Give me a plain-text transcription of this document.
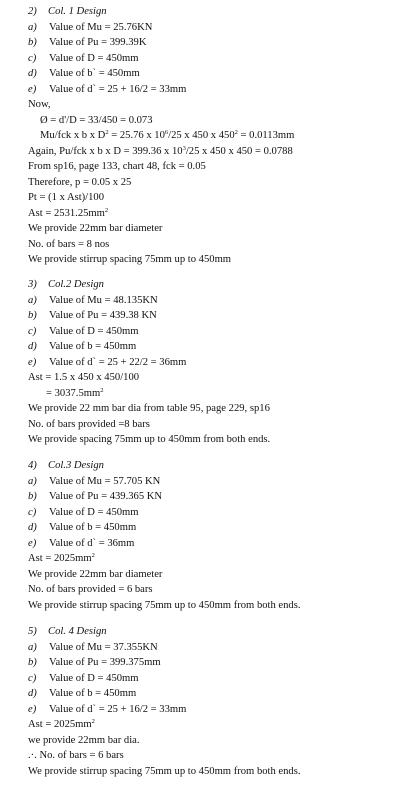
2) Col. 1 Design
a) Value of Mu = 25.76KN
b) Value of Pu = 399.39K
c) Value of D = 450mm
d) Value of b` = 450mm
e) Value of d` = 25 + 16/2 = 33mm
Now,
Ø = d'/D = 33/450 = 0.073
Mu/fck x b x $D^2 = 25.76$ x $10^6/25$ x 450 x $450^2 = 0.0113mm$
Again, Pu/fck x b x D = 399.36 x $10^3/25$ x 450 x 450 = 0.0788
From sp16, page 133, chart 48, fck = 0.05
Therefore, p = 0.05 x 25
Pt = (1 x Ast)/100
Ast = $2531.25mm^2$
We provide 22mm bar diameter
No. of bars = 8 nos
We provide stirrup spacing 75mm up to 450mm
3) Col.2 Design
a) Value of Mu = 48.135KN
b) Value of Pu = 439.38 KN
c) Value of D = 450mm
d) Value of b = 450mm
e) Value of d` = 25 + 22/2 = 36mm
Ast = 1.5 x 450 x 450/100
= $3037.5mm^2$
We provide 22 mm bar dia from table 95, page 229, sp16
No. of bars provided =8 bars
We provide spacing 75mm up to 450mm from both ends.
4) Col.3 Design
a) Value of Mu = 57.705 KN
b) Value of Pu = 439.365 KN
c) Value of D = 450mm
d) Value of b = 450mm
e) Value of d` = 36mm
Ast = $2025mm^2$
We provide 22mm bar diameter
No. of bars provided = 6 bars
We provide stirrup spacing 75mm up to 450mm from both ends.
5) Col. 4 Design
a) Value of Mu = 37.355KN
b) Value of Pu = 399.375mm
c) Value of D = 450mm
d) Value of b = 450mm
e) Value of d` = 25 + 16/2 = 33mm
Ast = $2025mm^2$
we provide 22mm bar dia.
.·. No. of bars = 6 bars
We provide stirrup spacing 75mm up to 450mm from both ends.
